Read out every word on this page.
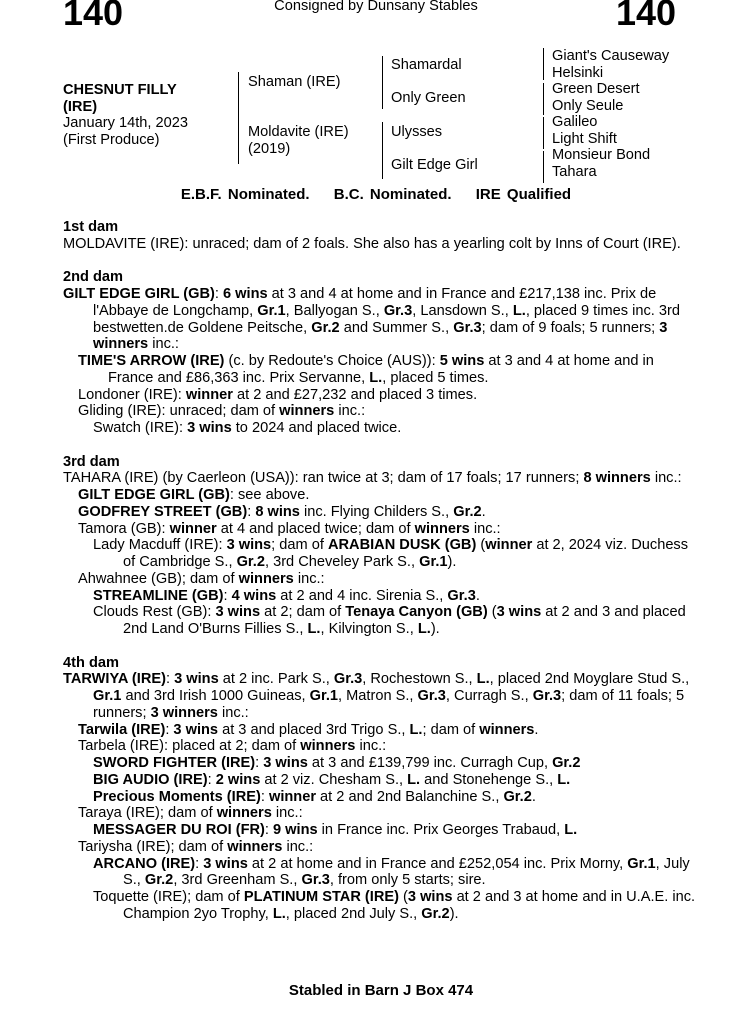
140	Consigned by Dunsany Stables	140
CHESNUT FILLY
(IRE)
January 14th, 2023
(First Produce)
Shaman (IRE)
Moldavite (IRE)
(2019)
Shamardal
Only Green
Ulysses
Gilt Edge Girl
Giant's Causeway
Helsinki
Green Desert
Only Seule
Galileo
Light Shift
Monsieur Bond
Tahara
E.B.F. Nominated. B.C. Nominated. IRE Qualified
1st dam
MOLDAVITE (IRE): unraced; dam of 2 foals. She also has a yearling colt by Inns of Court (IRE).
2nd dam
GILT EDGE GIRL (GB): 6 wins at 3 and 4 at home and in France and £217,138 inc. Prix de l'Abbaye de Longchamp, Gr.1, Ballyogan S., Gr.3, Lansdown S., L., placed 9 times inc. 3rd bestwetten.de Goldene Peitsche, Gr.2 and Summer S., Gr.3; dam of 9 foals; 5 runners; 3 winners inc.:
TIME'S ARROW (IRE) (c. by Redoute's Choice (AUS)): 5 wins at 3 and 4 at home and in France and £86,363 inc. Prix Servanne, L., placed 5 times.
Londoner (IRE): winner at 2 and £27,232 and placed 3 times.
Gliding (IRE): unraced; dam of winners inc.:
Swatch (IRE): 3 wins to 2024 and placed twice.
3rd dam
TAHARA (IRE) (by Caerleon (USA)): ran twice at 3; dam of 17 foals; 17 runners; 8 winners inc.:
GILT EDGE GIRL (GB): see above.
GODFREY STREET (GB): 8 wins inc. Flying Childers S., Gr.2.
Tamora (GB): winner at 4 and placed twice; dam of winners inc.:
Lady Macduff (IRE): 3 wins; dam of ARABIAN DUSK (GB) (winner at 2, 2024 viz. Duchess of Cambridge S., Gr.2, 3rd Cheveley Park S., Gr.1).
Ahwahnee (GB); dam of winners inc.:
STREAMLINE (GB): 4 wins at 2 and 4 inc. Sirenia S., Gr.3.
Clouds Rest (GB): 3 wins at 2; dam of Tenaya Canyon (GB) (3 wins at 2 and 3 and placed 2nd Land O'Burns Fillies S., L., Kilvington S., L.).
4th dam
TARWIYA (IRE): 3 wins at 2 inc. Park S., Gr.3, Rochestown S., L., placed 2nd Moyglare Stud S., Gr.1 and 3rd Irish 1000 Guineas, Gr.1, Matron S., Gr.3, Curragh S., Gr.3; dam of 11 foals; 5 runners; 3 winners inc.:
Tarwila (IRE): 3 wins at 3 and placed 3rd Trigo S., L.; dam of winners.
Tarbela (IRE): placed at 2; dam of winners inc.:
SWORD FIGHTER (IRE): 3 wins at 3 and £139,799 inc. Curragh Cup, Gr.2
BIG AUDIO (IRE): 2 wins at 2 viz. Chesham S., L. and Stonehenge S., L.
Precious Moments (IRE): winner at 2 and 2nd Balanchine S., Gr.2.
Taraya (IRE); dam of winners inc.:
MESSAGER DU ROI (FR): 9 wins in France inc. Prix Georges Trabaud, L.
Tariysha (IRE); dam of winners inc.:
ARCANO (IRE): 3 wins at 2 at home and in France and £252,054 inc. Prix Morny, Gr.1, July S., Gr.2, 3rd Greenham S., Gr.3, from only 5 starts; sire.
Toquette (IRE); dam of PLATINUM STAR (IRE) (3 wins at 2 and 3 at home and in U.A.E. inc. Champion 2yo Trophy, L., placed 2nd July S., Gr.2).
Stabled in Barn J Box 474
